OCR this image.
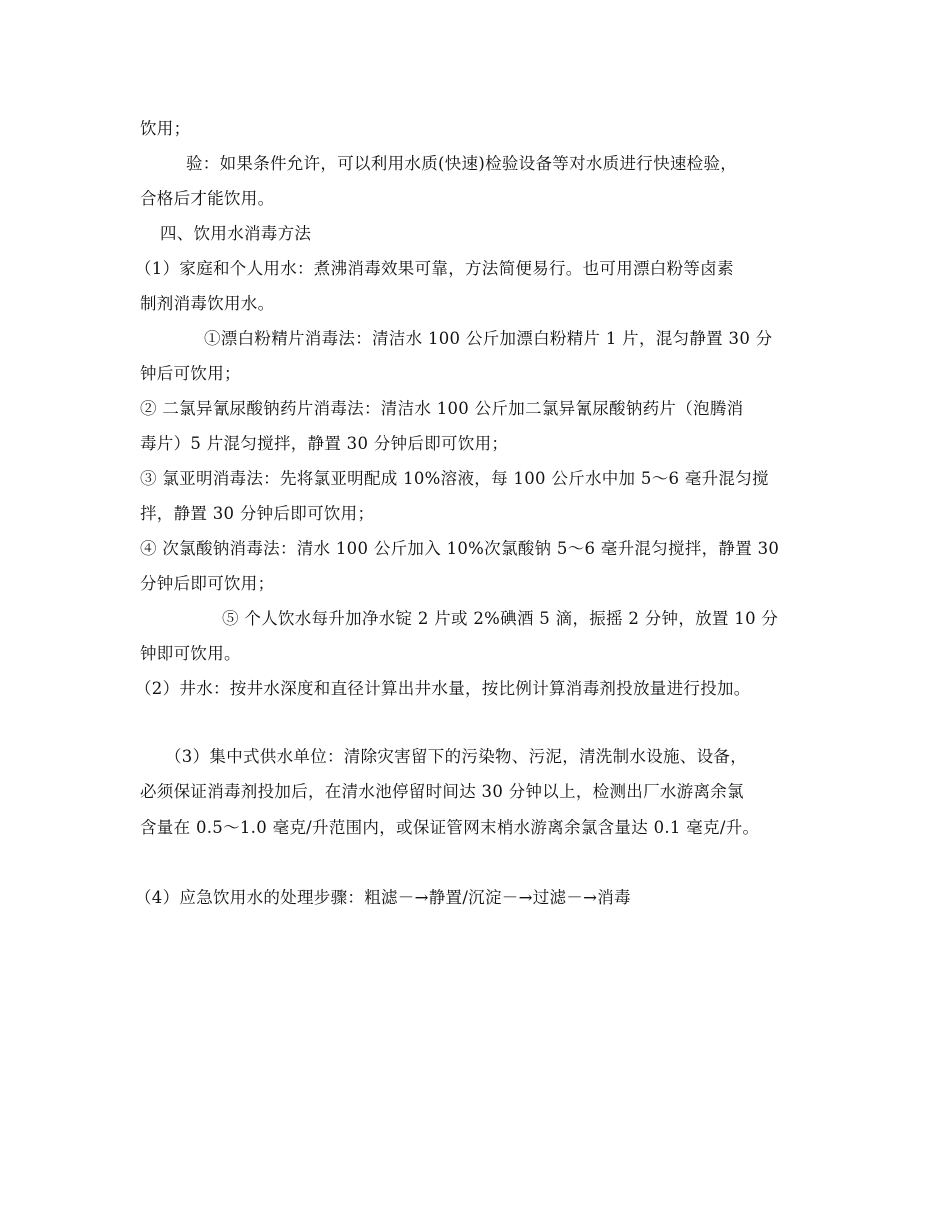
饮用；
验：如果条件允许，可以利用水质(快速)检验设备等对水质进行快速检验，
合格后才能饮用。
四、饮用水消毒方法
（1）家庭和个人用水：煮沸消毒效果可靠，方法简便易行。也可用漂白粉等卤素
制剂消毒饮用水。
①漂白粉精片消毒法：清洁水 100 公斤加漂白粉精片 1 片，混匀静置 30 分
钟后可饮用；
② 二氯异氰尿酸钠药片消毒法：清洁水 100 公斤加二氯异氰尿酸钠药片（泡腾消
毒片）5 片混匀搅拌，静置 30 分钟后即可饮用；
③ 氯亚明消毒法：先将氯亚明配成 10%溶液，每 100 公斤水中加 5～6 毫升混匀搅
拌，静置 30 分钟后即可饮用；
④ 次氯酸钠消毒法：清水 100 公斤加入 10%次氯酸钠 5～6 毫升混匀搅拌，静置 30
分钟后即可饮用；
⑤ 个人饮水每升加净水锭 2 片或 2%碘酒 5 滴，振摇 2 分钟，放置 10 分
钟即可饮用。
（2）井水：按井水深度和直径计算出井水量，按比例计算消毒剂投放量进行投加。
（3）集中式供水单位：清除灾害留下的污染物、污泥，清洗制水设施、设备，
必须保证消毒剂投加后，在清水池停留时间达 30 分钟以上，检测出厂水游离余氯
含量在 0.5～1.0 毫克/升范围内，或保证管网末梢水游离余氯含量达 0.1 毫克/升。
（4）应急饮用水的处理步骤：粗滤－→静置/沉淀－→过滤－→消毒
